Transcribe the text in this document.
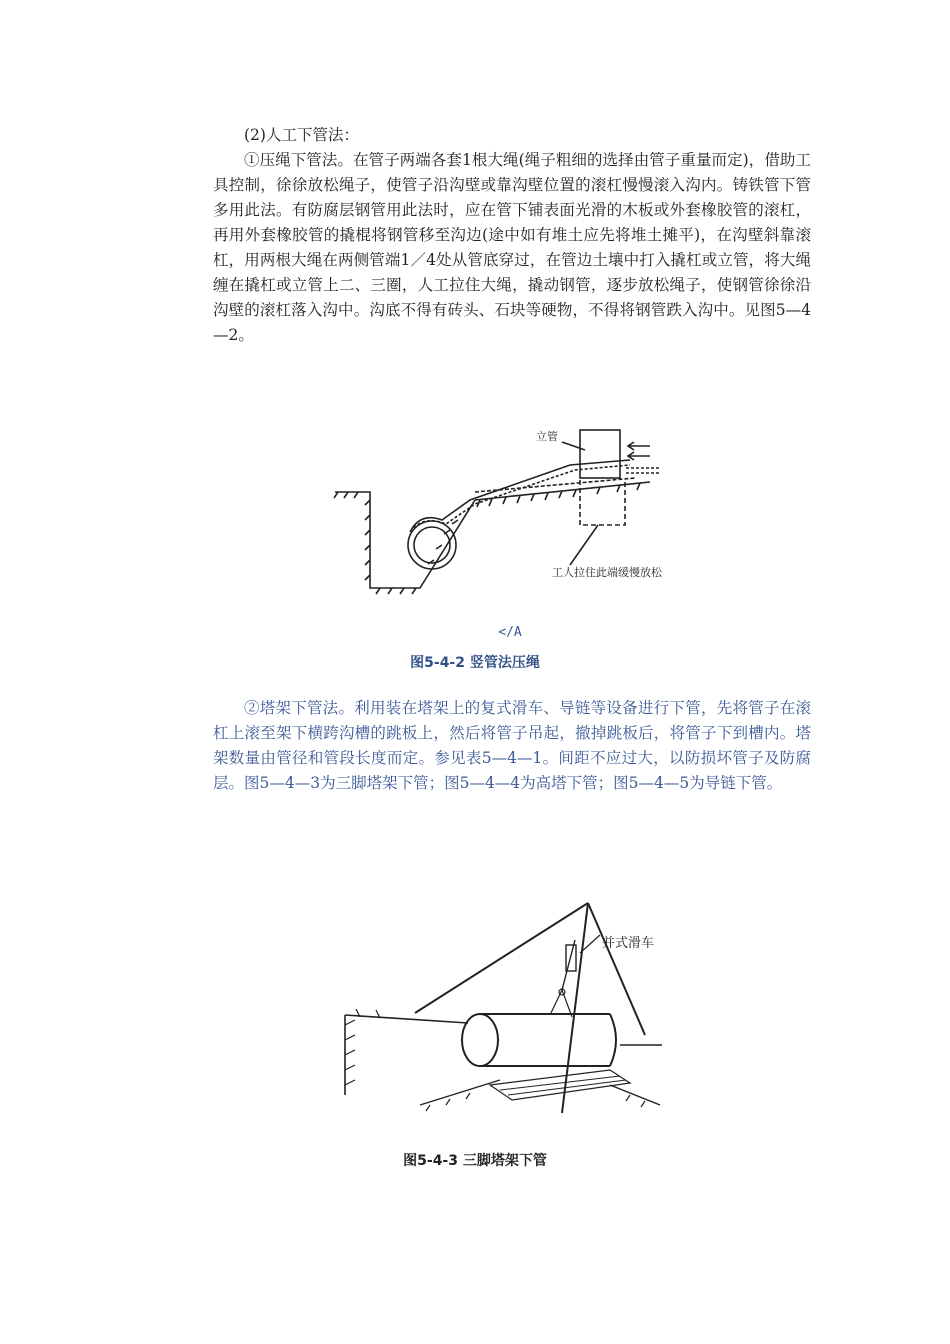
(2)人工下管法：

①压绳下管法。在管子两端各套1根大绳(绳子粗细的选择由管子重量而定)，借助工具控制，徐徐放松绳子，使管子沿沟壁或靠沟壁位置的滚杠慢慢滚入沟内。铸铁管下管多用此法。有防腐层钢管用此法时，应在管下铺表面光滑的木板或外套橡胶管的滚杠，再用外套橡胶管的撬棍将钢管移至沟边(途中如有堆土应先将堆土摊平)，在沟壁斜靠滚杠，用两根大绳在两侧管端1／4处从管底穿过，在管边土壤中打入撬杠或立管，将大绳缠在撬杠或立管上二、三圈，人工拉住大绳，撬动钢管，逐步放松绳子，使钢管徐徐沿沟壁的滚杠落入沟中。沟底不得有砖头、石块等硬物，不得将钢管跌入沟中。见图5—4—2。

立管
工人拉住此端缓慢放松
</A
图5-4-2 竖管法压绳

②塔架下管法。利用装在塔架上的复式滑车、导链等设备进行下管，先将管子在滚杠上滚至架下横跨沟槽的跳板上，然后将管子吊起，撤掉跳板后，将管子下到槽内。塔架数量由管径和管段长度而定。参见表5—4—1。间距不应过大，以防损坏管子及防腐层。图5—4—3为三脚塔架下管；图5—4—4为高塔下管；图5—4—5为导链下管。

并式滑车
图5-4-3 三脚塔架下管
